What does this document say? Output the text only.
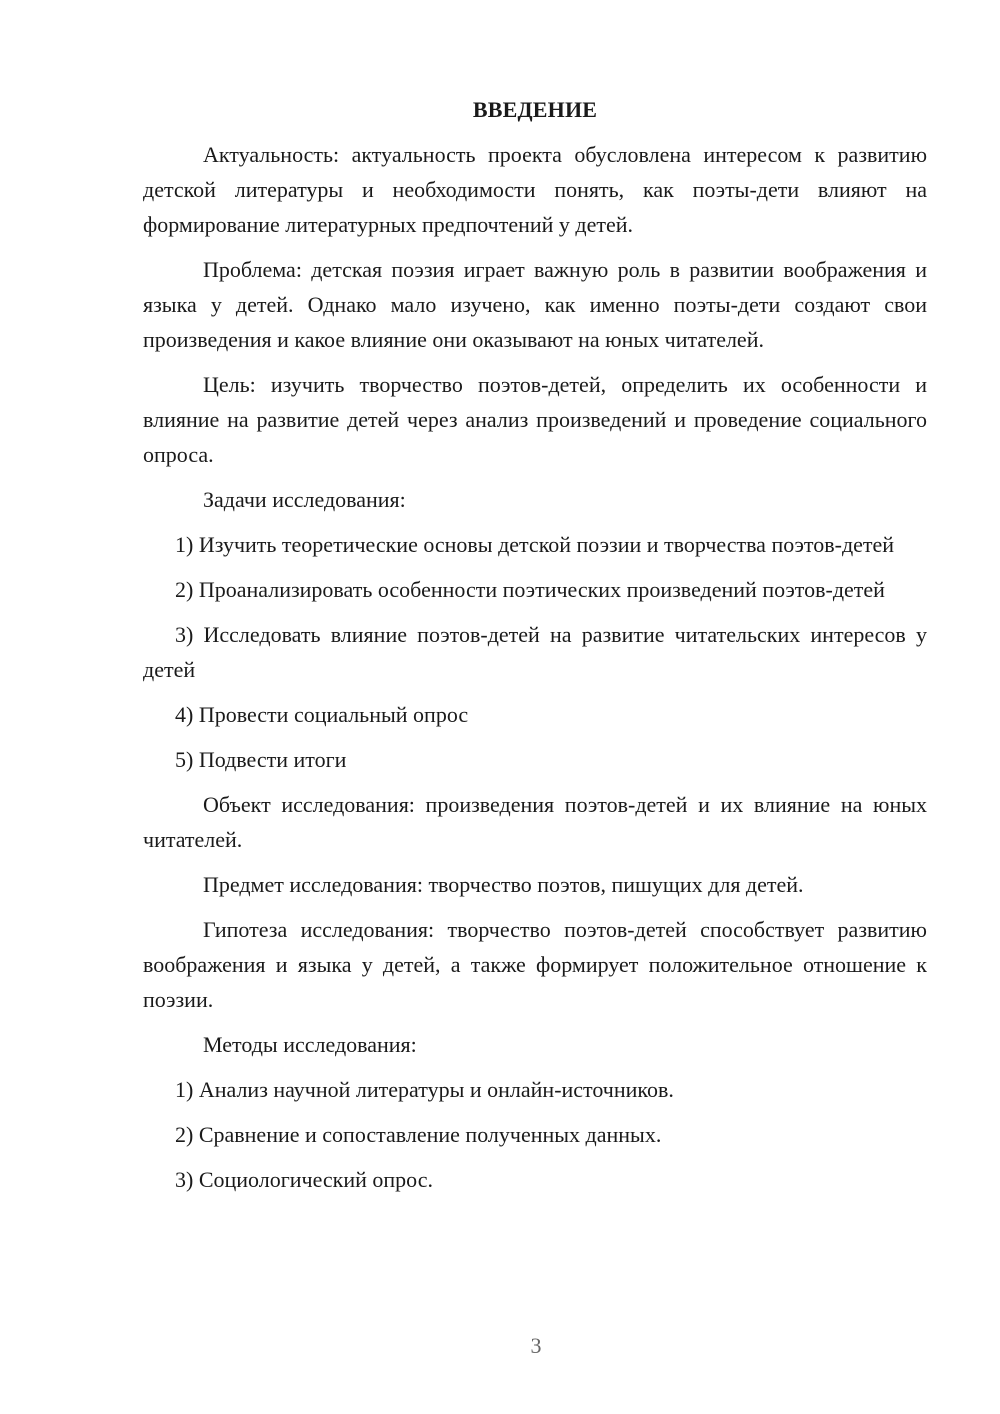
ВВЕДЕНИЕ

Актуальность: актуальность проекта обусловлена интересом к развитию детской литературы и необходимости понять, как поэты-дети влияют на формирование литературных предпочтений у детей.

Проблема: детская поэзия играет важную роль в развитии воображения и языка у детей. Однако мало изучено, как именно поэты-дети создают свои произведения и какое влияние они оказывают на юных читателей.

Цель: изучить творчество поэтов-детей, определить их особенности и влияние на развитие детей через анализ произведений и проведение социального опроса.

Задачи исследования:

1) Изучить теоретические основы детской поэзии и творчества поэтов-детей

2) Проанализировать особенности поэтических произведений поэтов-детей

3) Исследовать влияние поэтов-детей на развитие читательских интересов у детей

4) Провести социальный опрос

5) Подвести итоги

Объект исследования: произведения поэтов-детей и их влияние на юных читателей.

Предмет исследования: творчество поэтов, пишущих для детей.

Гипотеза исследования: творчество поэтов-детей способствует развитию воображения и языка у детей, а также формирует положительное отношение к поэзии.

Методы исследования:

1) Анализ научной литературы и онлайн-источников.

2) Сравнение и сопоставление полученных данных.

3) Социологический опрос.

3
